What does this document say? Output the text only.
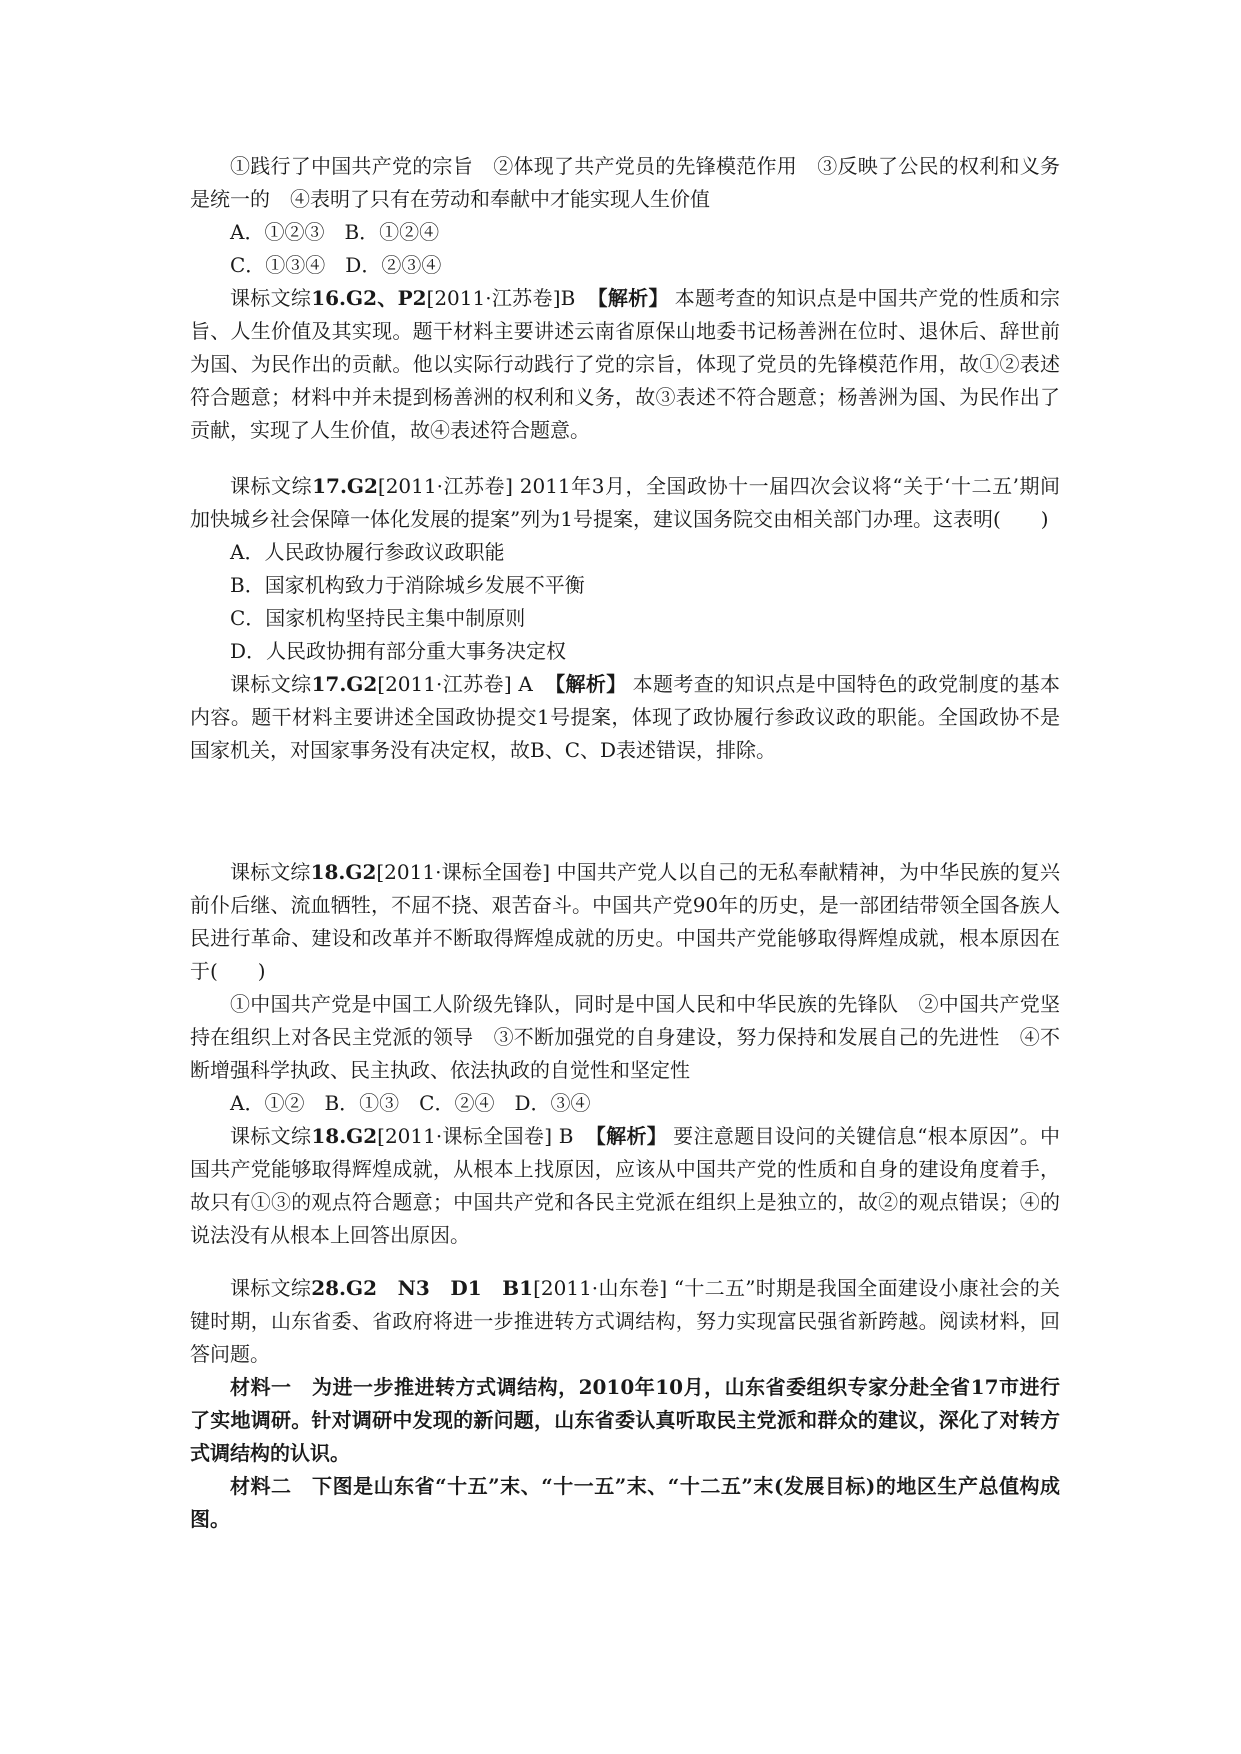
①践行了中国共产党的宗旨　②体现了共产党员的先锋模范作用　③反映了公民的权利和义务是统一的　④表明了只有在劳动和奉献中才能实现人生价值

A．①②③　B．①②④

C．①③④　D．②③④

课标文综16.G2、P2[2011·江苏卷]B 【解析】 本题考查的知识点是中国共产党的性质和宗旨、人生价值及其实现。题干材料主要讲述云南省原保山地委书记杨善洲在位时、退休后、辞世前为国、为民作出的贡献。他以实际行动践行了党的宗旨，体现了党员的先锋模范作用，故①②表述符合题意；材料中并未提到杨善洲的权利和义务，故③表述不符合题意；杨善洲为国、为民作出了贡献，实现了人生价值，故④表述符合题意。

课标文综17.G2[2011·江苏卷] 2011年3月，全国政协十一届四次会议将“关于‘十二五’期间加快城乡社会保障一体化发展的提案”列为1号提案，建议国务院交由相关部门办理。这表明(　　)

A．人民政协履行参政议政职能

B．国家机构致力于消除城乡发展不平衡

C．国家机构坚持民主集中制原则

D．人民政协拥有部分重大事务决定权

课标文综17.G2[2011·江苏卷] A 【解析】 本题考查的知识点是中国特色的政党制度的基本内容。题干材料主要讲述全国政协提交1号提案，体现了政协履行参政议政的职能。全国政协不是国家机关，对国家事务没有决定权，故B、C、D表述错误，排除。

课标文综18.G2[2011·课标全国卷] 中国共产党人以自己的无私奉献精神，为中华民族的复兴前仆后继、流血牺牲，不屈不挠、艰苦奋斗。中国共产党90年的历史，是一部团结带领全国各族人民进行革命、建设和改革并不断取得辉煌成就的历史。中国共产党能够取得辉煌成就，根本原因在于(　　)

①中国共产党是中国工人阶级先锋队，同时是中国人民和中华民族的先锋队　②中国共产党坚持在组织上对各民主党派的领导　③不断加强党的自身建设，努力保持和发展自己的先进性　④不断增强科学执政、民主执政、依法执政的自觉性和坚定性

A．①②　B．①③　C．②④　D．③④

课标文综18.G2[2011·课标全国卷] B 【解析】 要注意题目设问的关键信息“根本原因”。中国共产党能够取得辉煌成就，从根本上找原因，应该从中国共产党的性质和自身的建设角度着手，故只有①③的观点符合题意；中国共产党和各民主党派在组织上是独立的，故②的观点错误；④的说法没有从根本上回答出原因。

课标文综28.G2　N3　D1　B1[2011·山东卷] “十二五”时期是我国全面建设小康社会的关键时期，山东省委、省政府将进一步推进转方式调结构，努力实现富民强省新跨越。阅读材料，回答问题。

材料一　为进一步推进转方式调结构，2010年10月，山东省委组织专家分赴全省17市进行了实地调研。针对调研中发现的新问题，山东省委认真听取民主党派和群众的建议，深化了对转方式调结构的认识。

材料二　下图是山东省“十五”末、“十一五”末、“十二五”末(发展目标)的地区生产总值构成图。
